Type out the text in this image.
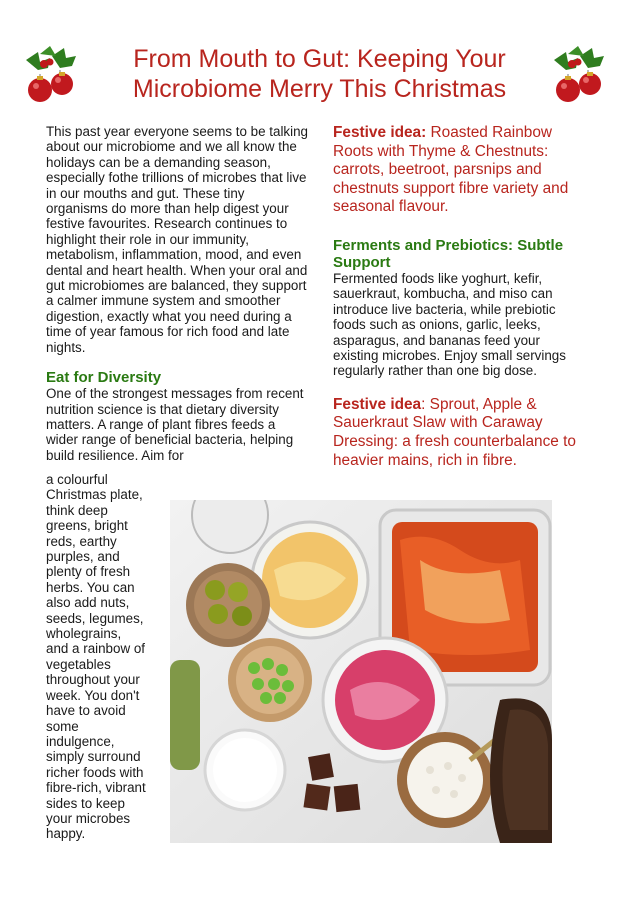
From Mouth to Gut: Keeping Your Microbiome Merry This Christmas

This past year everyone seems to be talking about our microbiome and we all know the holidays can be a demanding season, especially fothe trillions of microbes that live in our mouths and gut. These tiny organisms do more than help digest your festive favourites. Research continues to highlight their role in our immunity, metabolism, inflammation, mood, and even dental and heart health. When your oral and gut microbiomes are balanced, they support a calmer immune system and smoother digestion, exactly what you need during a time of year famous for rich food and late nights.

Eat for Diversity

One of the strongest messages from recent nutrition science is that dietary diversity matters. A range of plant fibres feeds a wider range of beneficial bacteria, helping build resilience. Aim for

a colourful Christmas plate, think deep greens, bright reds, earthy purples, and plenty of fresh herbs. You can also add nuts, seeds, legumes, wholegrains, and a rainbow of vegetables throughout your week. You don't have to avoid some indulgence, simply surround richer foods with fibre-rich, vibrant sides to keep your microbes happy.

Festive idea: Roasted Rainbow Roots with Thyme & Chestnuts: carrots, beetroot, parsnips and chestnuts support fibre variety and seasonal flavour.

Ferments and Prebiotics: Subtle Support

Fermented foods like yoghurt, kefir, sauerkraut, kombucha, and miso can introduce live bacteria, while prebiotic foods such as onions, garlic, leeks, asparagus, and bananas feed your existing microbes. Enjoy small servings regularly rather than one big dose.

Festive idea: Sprout, Apple & Sauerkraut Slaw with Caraway Dressing: a fresh counterbalance to heavier mains, rich in fibre.
